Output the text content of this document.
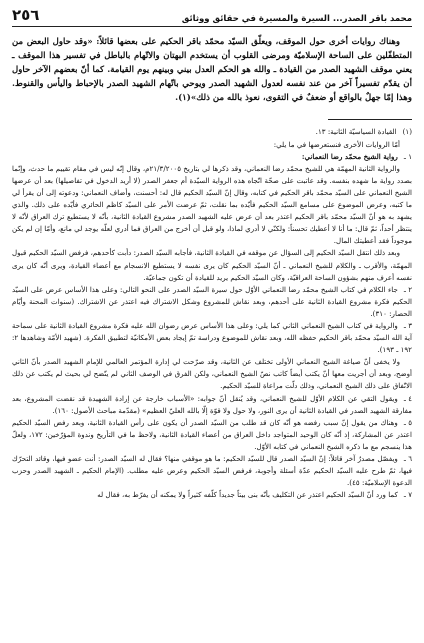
٢٥٦	محمد باقر الصدر... السيرة والمسيرة في حقائق ووثائق

وهناك روايات أخرى حول الموقف، ويعلّق السيّد محمّد باقر الحكيم على بعضها قائلاً: «وقد حاول البعض من المتطفّلين على الساحة الإسلاميّة ومرضى القلوب أن يستخدم البهتان والاتّهام بالباطل في تفسير هذا الموقف ـ يعني موقف الشهيد الصدر من القيادة ـ والله هو الحكم العدل بيني وبينهم يوم القيامة. كما أنّ بعضهم الآخر حاول أن يقدّم تفسيراً آخر من عند نفسه لعدول الشهيد الصدر ويوحي باتّهام الشهيد الصدر بالإحباط واليأس والقنوط. وهذا إمّا جهلٌ بالواقع أو ضعفٌ في التقوى، نعوذ بالله من ذلك»(١).

(١)القيادة السياسيّة الثانية: ١٣.

أمّا الروايات الأخرى فنستعرضها في ما يلي:

١ ـرواية الشيخ محمّد رضا النعماني:

والرواية الثانية المهمّة هي للشيخ محمّد رضا النعماني، وقد ذكرها لي بتاريخ ٢١/٣/٢٠٠٥م، وقال إنّه ليس في مقام تقييم ما حدث، وإنّما بصدد رواية ما شهده بنفسه. وقد عاتبت على صحّة اتّجاه هذه الرواية السيّدة أم جعفر الصدر (لا أريد الدخول في تفاصيلها) بعد أن عرضها الشيخ النعماني على السيّد محمّد باقر الحكيم في كتابه، وقال إنّ السيّد الحكيم قال له: أحسنت، وأضاف النعماني: ودعوته إلى أن يقرأ لي ما كتبه، وعرض الموضوع على مسامع السيّد الحكيم فأيّده بما نقلت، ثمّ عرضت الأمر على السيّد كاظم الحائري فأيّده على ذلك. والذي يشهد به هو أنّ السيّد محمّد باقر الحكيم اعتذر بعد أن عرض عليه الشهيد الصدر مشروع القيادة الثانية، بأنّه لا يستطيع ترك العراق لأنّه لا ينتظر أحداً، ثمّ قال: ما أنا لا أعطيك تحسناً: ولكنّي لا أدري لماذا، ولو قبل أن أخرج من العراق فما أدري لعلّه يوجد لي مانع، وأمّا إن لم يكن موجوداً فقد أعطيتك المال.

وبعد ذلك انتقل السيّد الحكيم إلى السؤال عن موقفه في القيادة الثانية، فأجابه السيّد الصدر: دأبت كأحدهم، فرفض السيّد الحكيم قبول المهمّة، والأقرب ـ والكلام للشيخ النعماني ـ أنّ السيّد الحكيم كان يرى نفسه لا يستطيع الانسجام مع أعضاء القيادة، ويرى أنّه كان يرى نفسه أعرف منهم بشؤون الساحة العراقيّة، وكان السيّد الحكيم يريد للقيادة أن تكون جماعيّة.

٢ ـجاء الكلام في كتاب الشيخ محمّد رضا النعماني الأوّل حول سيرة السيّد الصدر على النحو التالي: وعلى هذا الأساس عرض على السيّد الحكيم فكرة مشروع القيادة الثانية على أحدهم، وبعد نقاش للمشروع وشكل الاشتراك فيه اعتذر عن الاشتراك. (سنوات المحنة وأيّام الحصار: ٣١٠).

٣ ـوالرواية في كتاب الشيخ النعماني الثاني كما يلي: وعلى هذا الأساس عرض رضوان الله عليه فكرة مشروع القيادة الثانية على سماحة آية الله السيّد محمّد باقر الحكيم حفظه الله، وبعد نقاش للموضوع ودراسة تمّ إيجاد بعض الأمكانيّة لتطبيق الفكرة. (شهيد الأمّة وشاهدها ٢: ١٩٢ ـ ١٩٣).

ولا يخفى أنّ صياغة الشيخ النعماني الأولى تختلف عن الثانية، وقد صرّحت لي إدارة المؤتمر العالمي للإمام الشهيد الصدر بأنّ الثاني أوضح، وبعد أن أجريت معها أنّ يكتب أيضاً كاتب نصّ الشيخ النعماني، ولكن الفرق في الوصف الثاني لم يتّضح لي بحيث لم يكتب عن ذلك الاتّفاق على ذلك الشيخ النعماني، وذلك دلّت مراعاة للسيّد الحكيم.

٤ ـويقول التقي عن الكلام الأوّل للشيخ النعماني، وقد يُنقل أنّ جوابه: «الأسباب خارجة عن إرادة الشهيدة قد نقضت المشروع، بعد مفارقة الشهيد الصدر في القيادة الثانية أن يرى النور، ولا حول ولا قوّة إلّا بالله العليّ العظيم» (مقدّمة مباحث الأصول: ١٦٠).

٥ ـوهناك من يقول إنّ سبب رفضه هو أنّه كان قد طلب من السيّد الصدر أن يكون على رأس القيادة الثانية، وبعد رفض السيّد الحكيم اعتذر عن المشاركة، إذ أنّه كان الوحيد المتواجد داخل العراق من أعضاء القيادة الثانية، ولاحظ ما في التأريخ وندوة المؤرّخين: ١٧٢، ولعلّ هذا ينسجم مع ما ذكره الشيخ النعماني في كتابه الأوّل.

٦ ـويفصّل مصدرٌ آخر قائلاً: إنّ السيّد الصدر قال للسيّد الحكيم: ما هو موقفي منها؟ فقال له السيّد الصدر: أنت عضو فيها، وقائد التحرّك فيها، ثمّ طرح عليه السيّد الحكيم عدّة أسئلة وأجوبة، فرفض السيّد الحكيم وعرض عليه مطلب. (الإمام الحكيم ـ الشهيد الصدر وحزب الدعوة الإسلاميّة: ٤٥).

٧ ـكما ورد أنّ السيّد الحكيم اعتذر عن التكليف بأنّه بنى بيتاً جديداً كلّفه كثيراً ولا يمكنه أن يفرّط به، فقال له
